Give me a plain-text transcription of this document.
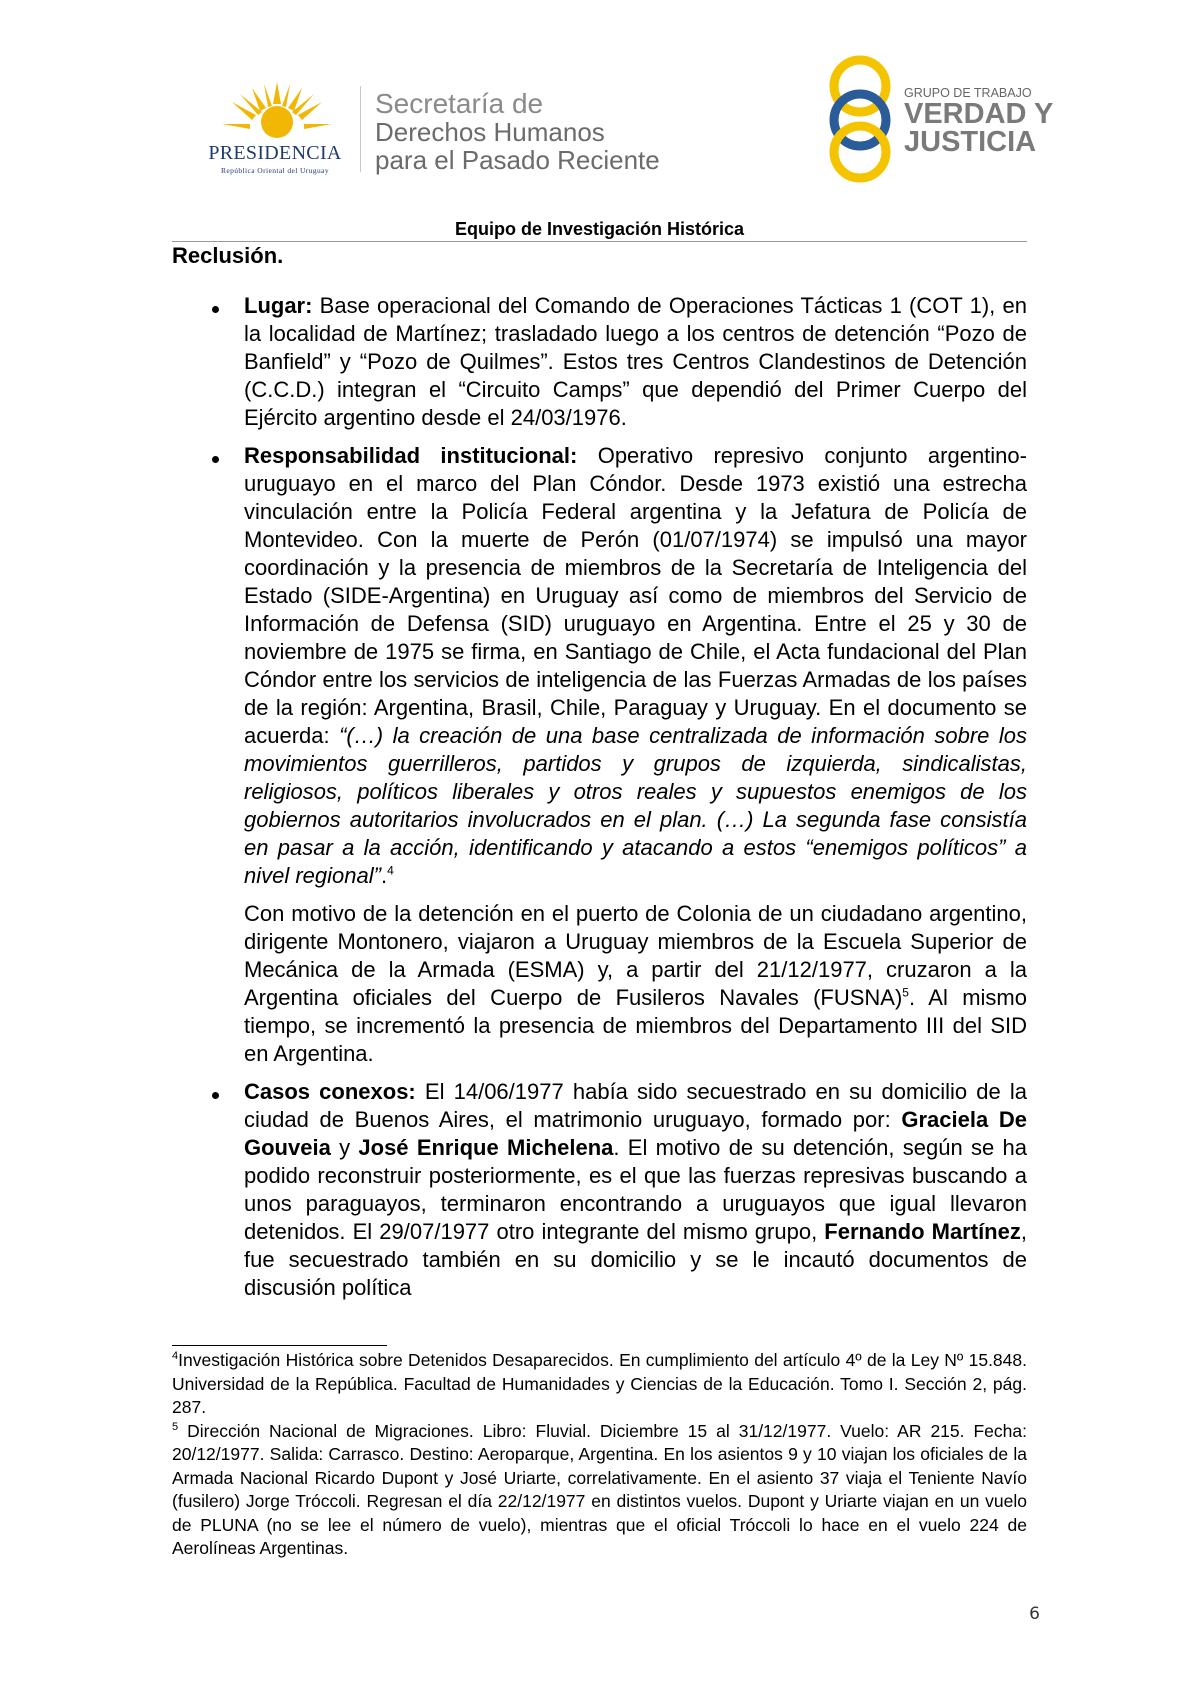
PRESIDENCIA
República Oriental del Uruguay
Secretaría de
Derechos Humanos
para el Pasado Reciente
GRUPO DE TRABAJO
VERDAD Y
JUSTICIA
Equipo de Investigación Histórica
Reclusión.

Lugar: Base operacional del Comando de Operaciones Tácticas 1 (COT 1), en la localidad de Martínez; trasladado luego a los centros de detención “Pozo de Banfield” y “Pozo de Quilmes”. Estos tres Centros Clandestinos de Detención (C.C.D.) integran el “Circuito Camps” que dependió del Primer Cuerpo del Ejército argentino desde el 24/03/1976.

Responsabilidad institucional: Operativo represivo conjunto argentino-uruguayo en el marco del Plan Cóndor. Desde 1973 existió una estrecha vinculación entre la Policía Federal argentina y la Jefatura de Policía de Montevideo. Con la muerte de Perón (01/07/1974) se impulsó una mayor coordinación y la presencia de miembros de la Secretaría de Inteligencia del Estado (SIDE-Argentina) en Uruguay así como de miembros del Servicio de Información de Defensa (SID) uruguayo en Argentina. Entre el 25 y 30 de noviembre de 1975 se firma, en Santiago de Chile, el Acta fundacional del Plan Cóndor entre los servicios de inteligencia de las Fuerzas Armadas de los países de la región: Argentina, Brasil, Chile, Paraguay y Uruguay. En el documento se acuerda: “(…) la creación de una base centralizada de información sobre los movimientos guerrilleros, partidos y grupos de izquierda, sindicalistas, religiosos, políticos liberales y otros reales y supuestos enemigos de los gobiernos autoritarios involucrados en el plan. (…) La segunda fase consistía en pasar a la acción, identificando y atacando a estos “enemigos políticos” a nivel regional”.$^4$

Con motivo de la detención en el puerto de Colonia de un ciudadano argentino, dirigente Montonero, viajaron a Uruguay miembros de la Escuela Superior de Mecánica de la Armada (ESMA) y, a partir del 21/12/1977, cruzaron a la Argentina oficiales del Cuerpo de Fusileros Navales (FUSNA)$^5$. Al mismo tiempo, se incrementó la presencia de miembros del Departamento III del SID en Argentina.

Casos conexos: El 14/06/1977 había sido secuestrado en su domicilio de la ciudad de Buenos Aires, el matrimonio uruguayo, formado por: Graciela De Gouveia y José Enrique Michelena. El motivo de su detención, según se ha podido reconstruir posteriormente, es el que las fuerzas represivas buscando a unos paraguayos, terminaron encontrando a uruguayos que igual llevaron detenidos. El 29/07/1977 otro integrante del mismo grupo, Fernando Martínez, fue secuestrado también en su domicilio y se le incautó documentos de discusión política

$^4$Investigación Histórica sobre Detenidos Desaparecidos. En cumplimiento del artículo 4º de la Ley Nº 15.848. Universidad de la República. Facultad de Humanidades y Ciencias de la Educación. Tomo I. Sección 2, pág. 287.

$^5$ Dirección Nacional de Migraciones. Libro: Fluvial. Diciembre 15 al 31/12/1977. Vuelo: AR 215. Fecha: 20/12/1977. Salida: Carrasco. Destino: Aeroparque, Argentina. En los asientos 9 y 10 viajan los oficiales de la Armada Nacional Ricardo Dupont y José Uriarte, correlativamente. En el asiento 37 viaja el Teniente Navío (fusilero) Jorge Tróccoli. Regresan el día 22/12/1977 en distintos vuelos. Dupont y Uriarte viajan en un vuelo de PLUNA (no se lee el número de vuelo), mientras que el oficial Tróccoli lo hace en el vuelo 224 de Aerolíneas Argentinas.

6
